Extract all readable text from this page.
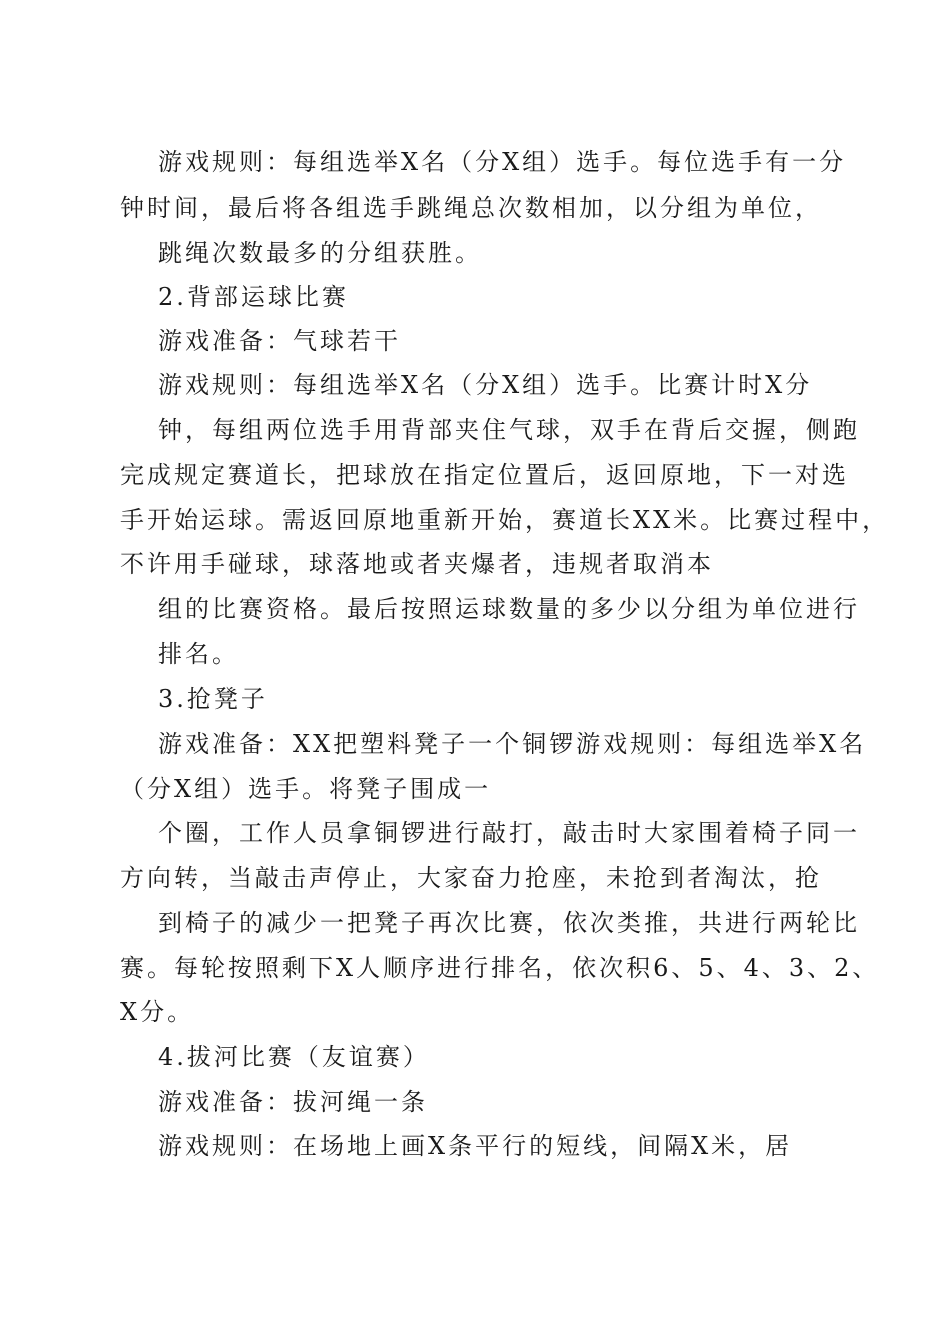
游戏规则：每组选举X名（分X组）选手。每位选手有一分
钟时间，最后将各组选手跳绳总次数相加，以分组为单位，
跳绳次数最多的分组获胜。
2.背部运球比赛
游戏准备：气球若干
游戏规则：每组选举X名（分X组）选手。比赛计时X分
钟，每组两位选手用背部夹住气球，双手在背后交握，侧跑
完成规定赛道长，把球放在指定位置后，返回原地，下一对选
手开始运球。需返回原地重新开始，赛道长XX米。比赛过程中，
不许用手碰球，球落地或者夹爆者，违规者取消本
组的比赛资格。最后按照运球数量的多少以分组为单位进行
排名。
3.抢凳子
游戏准备：XX把塑料凳子一个铜锣游戏规则：每组选举X名
（分X组）选手。将凳子围成一
个圈，工作人员拿铜锣进行敲打，敲击时大家围着椅子同一
方向转，当敲击声停止，大家奋力抢座，未抢到者淘汰，抢
到椅子的减少一把凳子再次比赛，依次类推，共进行两轮比
赛。每轮按照剩下X人顺序进行排名，依次积6、5、4、3、2、
X分。
4.拔河比赛（友谊赛）
游戏准备：拔河绳一条
游戏规则：在场地上画X条平行的短线，间隔X米，居
